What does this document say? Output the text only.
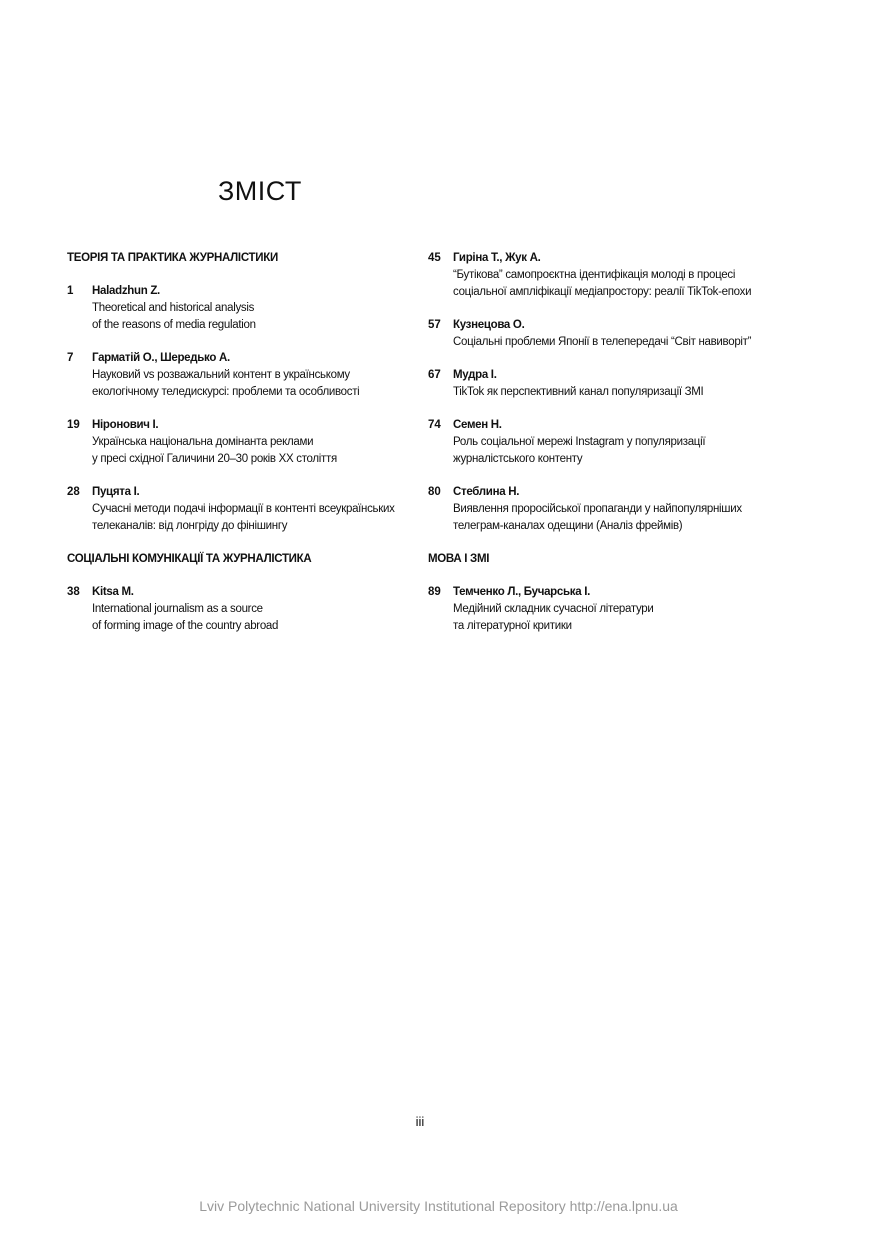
ЗМІСТ
ТЕОРІЯ ТА ПРАКТИКА ЖУРНАЛІСТИКИ
1	Haladzhun Z.
Theoretical and historical analysis
of the reasons of media regulation
7	Гарматій О., Шередько А.
Науковий vs розважальний контент в українському
екологічному теледискурсі: проблеми та особливості
19	Ніронович І.
Українська національна домінанта реклами
у пресі східної Галичини 20–30 років ХХ століття
28	Пуцята І.
Сучасні методи подачі інформації в контенті всеукраїнських
телеканалів: від лонгріду до фінішингу
СОЦІАЛЬНІ КОМУНІКАЦІЇ ТА ЖУРНАЛІСТИКА
38	Kitsa M.
International journalism as a source
of forming image of the country abroad
45	Гиріна Т., Жук А.
“Бутікова” самопроєктна ідентифікація молоді в процесі
соціальної ампліфікації медіапростору: реалії TikTok-епохи
57	Кузнецова О.
Соціальні проблеми Японії в телепередачі “Світ навиворіт”
67	Мудра І.
TikTok як перспективний канал популяризації ЗМІ
74	Семен Н.
Роль соціальної мережі Instagram у популяризації
журналістського контенту
80	Стеблина Н.
Виявлення проросійської пропаганди у найпопулярніших
телеграм-каналах одещини (Аналіз фреймів)
МОВА І ЗМІ
89	Темченко Л., Бучарська І.
Медійний складник сучасної літератури
та літературної критики
iii
Lviv Polytechnic National University Institutional Repository http://ena.lpnu.ua
